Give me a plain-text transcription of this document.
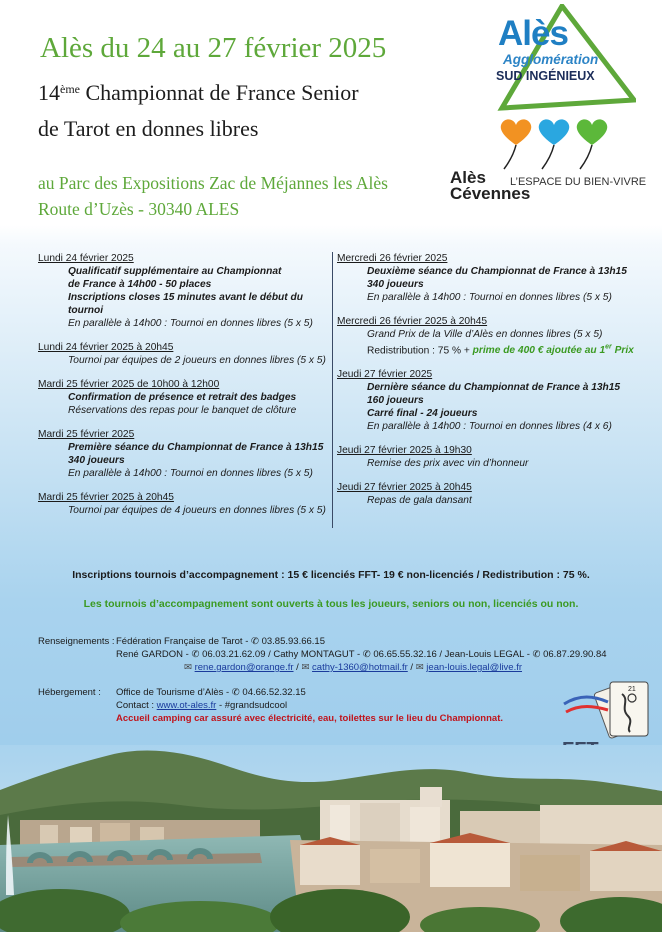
Alès du 24 au 27 février 2025
14ème Championnat de France Senior
de Tarot en donnes libres
au Parc des Expositions Zac de Méjannes les Alès
Route d’Uzès - 30340 ALES
Alès
Agglomération
SUD INGÉNIEUX
Alès
Cévennes
L’ESPACE DU BIEN-VIVRE
Lundi 24 février 2025
Qualificatif supplémentaire au Championnat
de France à 14h00 - 50 places
Inscriptions closes 15 minutes avant le début du tournoi
En parallèle à 14h00 : Tournoi en donnes libres (5 x 5)
Lundi 24 février 2025 à 20h45
Tournoi par équipes de 2 joueurs en donnes libres (5 x 5)
Mardi 25 février 2025 de 10h00 à 12h00
Confirmation de présence et retrait des badges
Réservations des repas pour le banquet de clôture
Mardi 25 février 2025
Première séance du Championnat de France à 13h15
340 joueurs
En parallèle à 14h00 : Tournoi en donnes libres (5 x 5)
Mardi 25 février 2025 à 20h45
Tournoi par équipes de 4 joueurs en donnes libres (5 x 5)
Mercredi 26 février 2025
Deuxième séance du Championnat de France à 13h15
340 joueurs
En parallèle à 14h00 : Tournoi en donnes libres (5 x 5)
Mercredi 26 février 2025 à 20h45
Grand Prix de la Ville d’Alès en donnes libres (5 x 5)
Redistribution : 75 % + prime de 400 € ajoutée au 1er Prix
Jeudi 27 février 2025
Dernière séance du Championnat de France à 13h15
160 joueurs
Carré final - 24 joueurs
En parallèle à 14h00 : Tournoi en donnes libres (4 x 6)
Jeudi 27 février 2025 à 19h30
Remise des prix avec vin d’honneur
Jeudi 27 février 2025 à 20h45
Repas de gala dansant
Inscriptions tournois d’accompagnement : 15 € licenciés FFT- 19 € non-licenciés / Redistribution : 75 %.
Les tournois d’accompagnement sont ouverts à tous les joueurs, seniors ou non, licenciés ou non.
Renseignements : Fédération Française de Tarot - ✆ 03.85.93.66.15
René GARDON - ✆ 06.03.21.62.09 / Cathy MONTAGUT - ✆ 06.65.55.32.16 / Jean-Louis LEGAL - ✆ 06.87.29.90.84
✉ rene.gardon@orange.fr / ✉ cathy-1360@hotmail.fr / ✉ jean-louis.legal@live.fr
Hébergement : Office de Tourisme d’Alès - ✆ 04.66.52.32.15
Contact : www.ot-ales.fr - #grandsudcool
Accueil camping car assuré avec électricité, eau, toilettes sur le lieu du Championnat.
21
